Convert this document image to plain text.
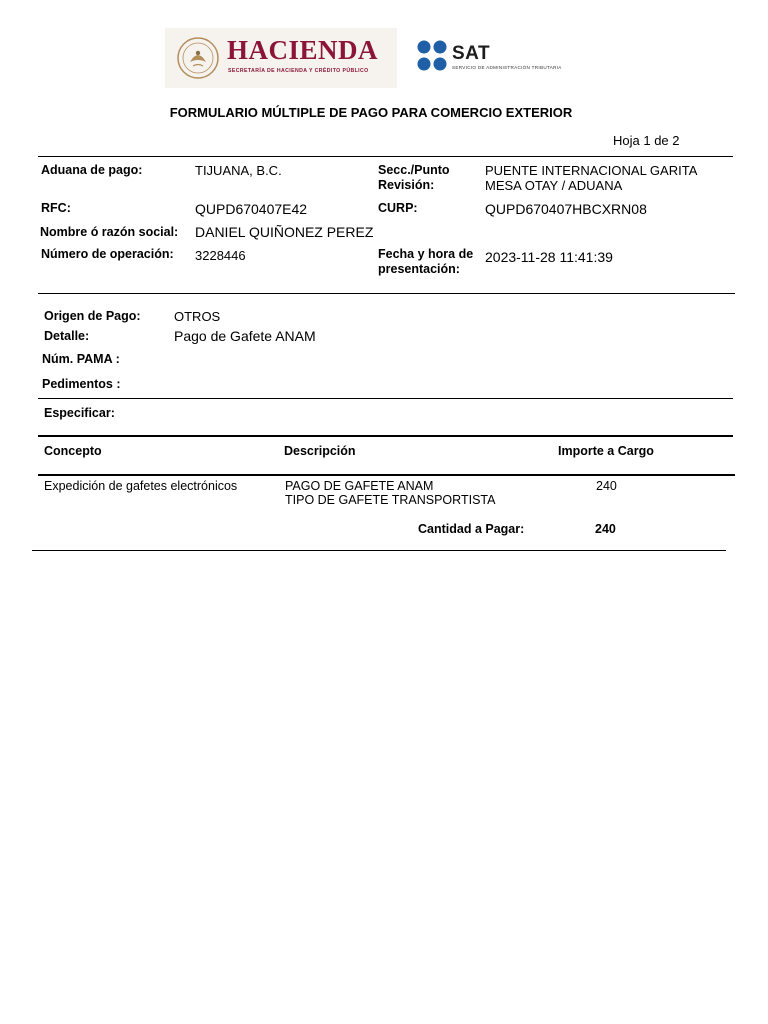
HACIENDA
SECRETARÍA DE HACIENDA Y CRÉDITO PÚBLICO
SAT
SERVICIO DE ADMINISTRACIÓN TRIBUTARIA
FORMULARIO MÚLTIPLE DE PAGO PARA COMERCIO EXTERIOR
Hoja 1 de 2
Aduana de pago:	TIJUANA, B.C.	Secc./Punto
Revisión:
PUENTE INTERNACIONAL GARITA
MESA OTAY / ADUANA
RFC:	QUPD670407E42	CURP:	QUPD670407HBCXRN08
Nombre ó razón social: DANIEL QUIÑONEZ PEREZ
Número de operación: 3228446	Fecha y hora de
presentación:
2023-11-28 11:41:39
Origen de Pago:	OTROS
Detalle:	Pago de Gafete ANAM
Núm. PAMA :
Pedimentos :
Especificar:
Concepto	Descripción	Importe a Cargo
Expedición de gafetes electrónicos	PAGO DE GAFETE ANAM
TIPO DE GAFETE TRANSPORTISTA
240
Cantidad a Pagar:	240
